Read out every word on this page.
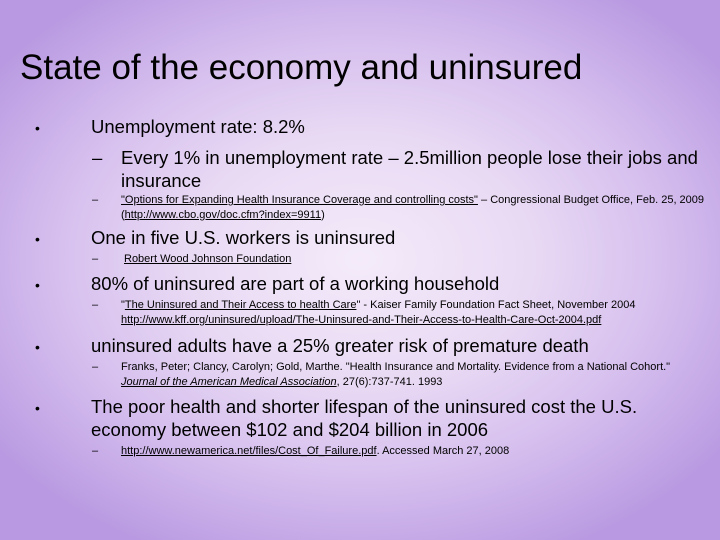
State of the economy and uninsured
•	Unemployment rate: 8.2%
– Every 1% in unemployment rate – 2.5million people lose their jobs and insurance
– "Options for Expanding Health Insurance Coverage and controlling costs" – Congressional Budget Office, Feb. 25, 2009 (http://www.cbo.gov/doc.cfm?index=9911)
•	One in five U.S. workers is uninsured
– Robert Wood Johnson Foundation
•	80% of uninsured are part of a working household
– "The Uninsured and Their Access to health Care" - Kaiser Family Foundation Fact Sheet, November 2004 http://www.kff.org/uninsured/upload/The-Uninsured-and-Their-Access-to-Health-Care-Oct-2004.pdf
•	uninsured adults have a 25% greater risk of premature death
– Franks, Peter; Clancy, Carolyn; Gold, Marthe. "Health Insurance and Mortality. Evidence from a National Cohort." Journal of the American Medical Association, 27(6):737-741. 1993
•	The poor health and shorter lifespan of the uninsured cost the U.S. economy between $102 and $204 billion in 2006
– http://www.newamerica.net/files/Cost_Of_Failure.pdf. Accessed March 27, 2008
